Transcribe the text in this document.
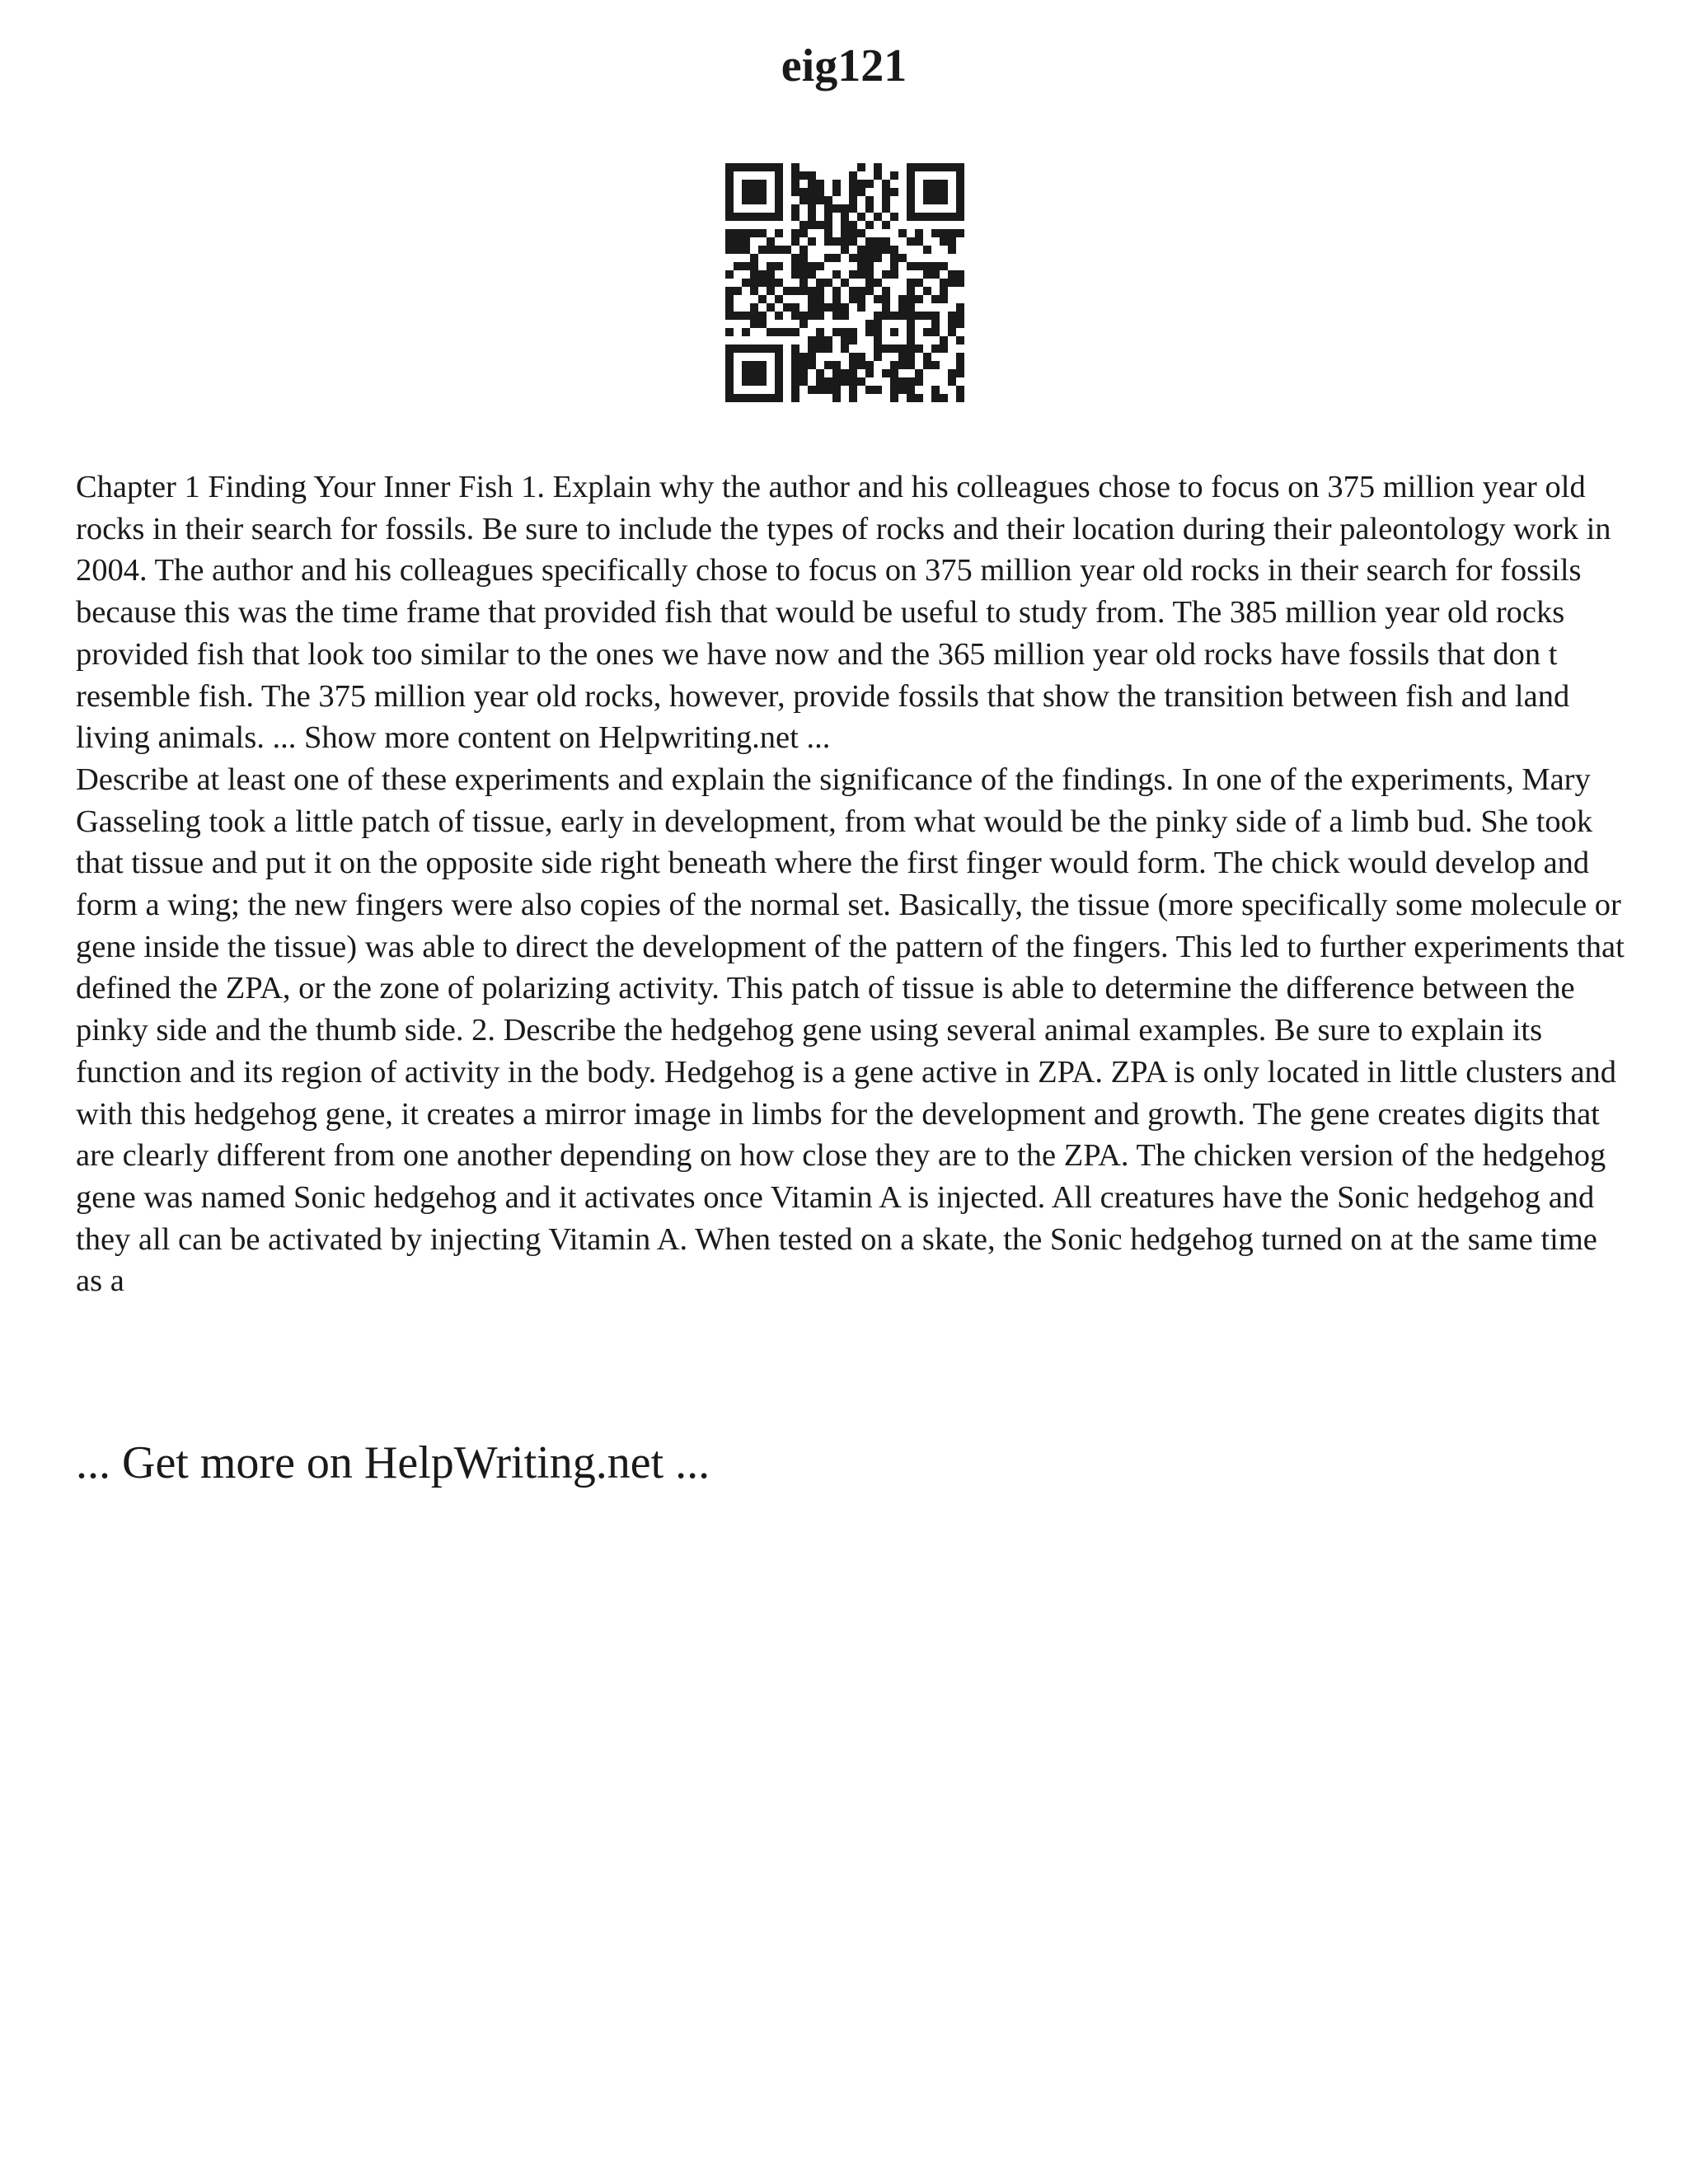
eig121

Chapter 1 Finding Your Inner Fish 1. Explain why the author and his colleagues chose to focus on 375 million year old rocks in their search for fossils. Be sure to include the types of rocks and their location during their paleontology work in 2004. The author and his colleagues specifically chose to focus on 375 million year old rocks in their search for fossils because this was the time frame that provided fish that would be useful to study from. The 385 million year old rocks provided fish that look too similar to the ones we have now and the 365 million year old rocks have fossils that don t resemble fish. The 375 million year old rocks, however, provide fossils that show the transition between fish and land living animals. ... Show more content on Helpwriting.net ...

Describe at least one of these experiments and explain the significance of the findings. In one of the experiments, Mary Gasseling took a little patch of tissue, early in development, from what would be the pinky side of a limb bud. She took that tissue and put it on the opposite side right beneath where the first finger would form. The chick would develop and form a wing; the new fingers were also copies of the normal set. Basically, the tissue (more specifically some molecule or gene inside the tissue) was able to direct the development of the pattern of the fingers. This led to further experiments that defined the ZPA, or the zone of polarizing activity. This patch of tissue is able to determine the difference between the pinky side and the thumb side. 2. Describe the hedgehog gene using several animal examples. Be sure to explain its function and its region of activity in the body. Hedgehog is a gene active in ZPA. ZPA is only located in little clusters and with this hedgehog gene, it creates a mirror image in limbs for the development and growth. The gene creates digits that are clearly different from one another depending on how close they are to the ZPA. The chicken version of the hedgehog gene was named Sonic hedgehog and it activates once Vitamin A is injected. All creatures have the Sonic hedgehog and they all can be activated by injecting Vitamin A. When tested on a skate, the Sonic hedgehog turned on at the same time as a

... Get more on HelpWriting.net ...
